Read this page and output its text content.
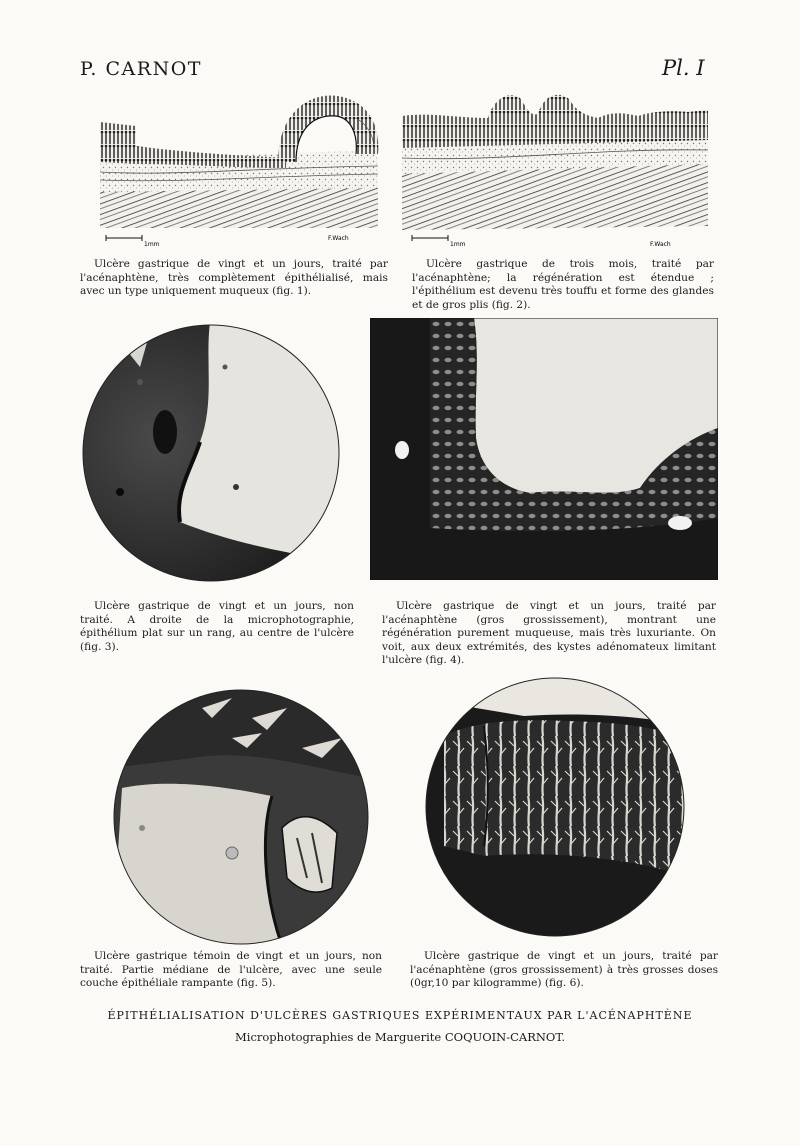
P. CARNOT	Pl. I
1mm
F.Wach
1mm	F.Wach

Ulcère gastrique de vingt et un jours, traité par l'acénaphtène, très complètement épithélialisé, mais avec un type uniquement muqueux (fig. 1).

Ulcère gastrique de trois mois, traité par l'acénaphtène; la régénération est étendue ; l'épithélium est devenu très touffu et forme des glandes et de gros plis (fig. 2).

Ulcère gastrique de vingt et un jours, non traité. A droite de la microphotographie, épithélium plat sur un rang, au centre de l'ulcère (fig. 3).

Ulcère gastrique de vingt et un jours, traité par l'acénaphtène (gros grossissement), montrant une régénération purement muqueuse, mais très luxuriante. On voit, aux deux extrémités, des kystes adénomateux limitant l'ulcère (fig. 4).

Ulcère gastrique témoin de vingt et un jours, non traité. Partie médiane de l'ulcère, avec une seule couche épithéliale rampante (fig. 5).

Ulcère gastrique de vingt et un jours, traité par l'acénaphtène (gros grossissement) à très grosses doses (0gr,10 par kilogramme) (fig. 6).

ÉPITHÉLIALISATION D'ULCÈRES GASTRIQUES EXPÉRIMENTAUX PAR L'ACÉNAPHTÈNE
Microphotographies de Marguerite COQUOIN-CARNOT.
